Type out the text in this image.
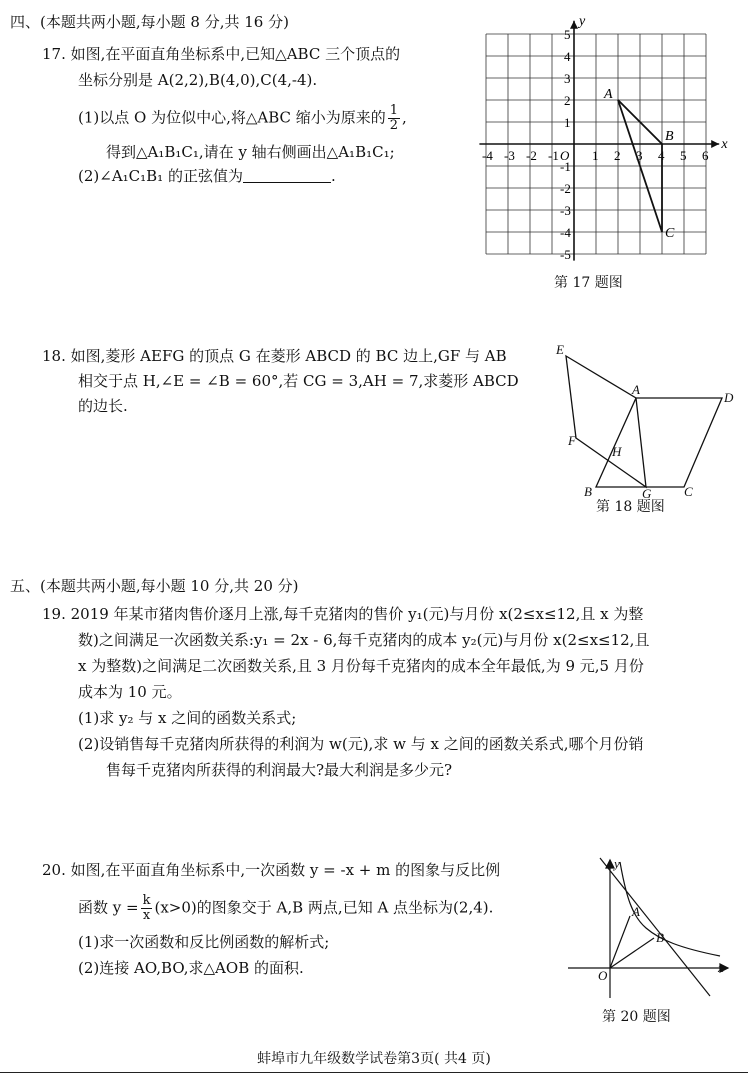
四、(本题共两小题,每小题 8 分,共 16 分)
17. 如图,在平面直角坐标系中,已知△ABC 三个顶点的
坐标分别是 A(2,2),B(4,0),C(4,-4).
(1)以点 O 为位似中心,将△ABC 缩小为原来的 $\frac{1}{2}$ ,
得到△A₁B₁C₁,请在 y 轴右侧画出△A₁B₁C₁;
(2)∠A₁C₁B₁ 的正弦值为	.
x
y
-4 -3 -2 -1 O 1 2 3 4 5 6
5
4
3
2
1
-1
-2
-3
-4
-5
A
B
C
第 17 题图
18. 如图,菱形 AEFG 的顶点 G 在菱形 ABCD 的 BC 边上,GF 与 AB
相交于点 H,∠E = ∠B = 60°,若 CG = 3,AH = 7,求菱形 ABCD
的边长.
E
A
D
F
H
B	G	C
第 18 题图
五、(本题共两小题,每小题 10 分,共 20 分)
19. 2019 年某市猪肉售价逐月上涨,每千克猪肉的售价 y₁(元)与月份 x(2≤x≤12,且 x 为整
数)之间满足一次函数关系:y₁ = 2x - 6,每千克猪肉的成本 y₂(元)与月份 x(2≤x≤12,且
x 为整数)之间满足二次函数关系,且 3 月份每千克猪肉的成本全年最低,为 9 元,5 月份
成本为 10 元。
(1)求 y₂ 与 x 之间的函数关系式;
(2)设销售每千克猪肉所获得的利润为 w(元),求 w 与 x 之间的函数关系式,哪个月份销
售每千克猪肉所获得的利润最大?最大利润是多少元?
20. 如图,在平面直角坐标系中,一次函数 y = -x + m 的图象与反比例
函数 $y = \frac{k}{x} (x>0)$的图象交于 A,B 两点,已知 A 点坐标为(2,4).
(1)求一次函数和反比例函数的解析式;
(2)连接 AO,BO,求△AOB 的面积.
y
A
B
O
x
第 20 题图
蚌埠市九年级数学试卷第3页( 共4 页)
